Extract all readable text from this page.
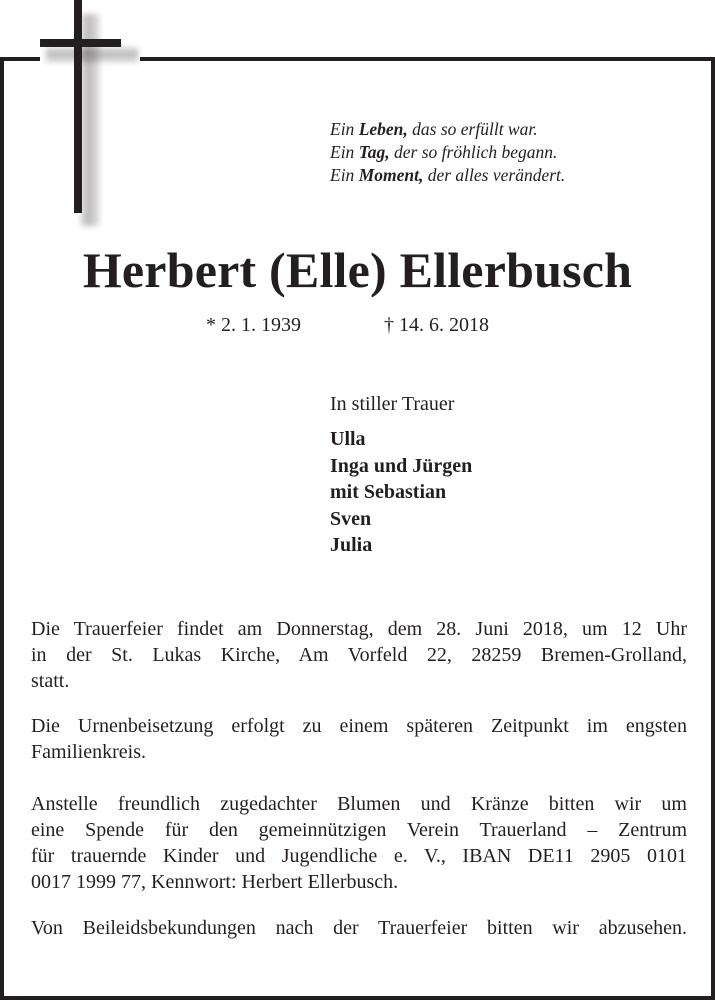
Ein Leben, das so erfüllt war.
Ein Tag, der so fröhlich begann.
Ein Moment, der alles verändert.
Herbert (Elle) Ellerbusch
* 2. 1. 1939	† 14. 6. 2018
In stiller Trauer
Ulla
Inga und Jürgen
mit Sebastian
Sven
Julia
Die Trauerfeier findet am Donnerstag, dem 28. Juni 2018, um 12 Uhr
in der St. Lukas Kirche, Am Vorfeld 22, 28259 Bremen-Grolland,
statt.
Die Urnenbeisetzung erfolgt zu einem späteren Zeitpunkt im engsten
Familienkreis.
Anstelle freundlich zugedachter Blumen und Kränze bitten wir um
eine Spende für den gemeinnützigen Verein Trauerland – Zentrum
für trauernde Kinder und Jugendliche e. V., IBAN DE11 2905 0101
0017 1999 77, Kennwort: Herbert Ellerbusch.
Von Beileidsbekundungen nach der Trauerfeier bitten wir abzusehen.
